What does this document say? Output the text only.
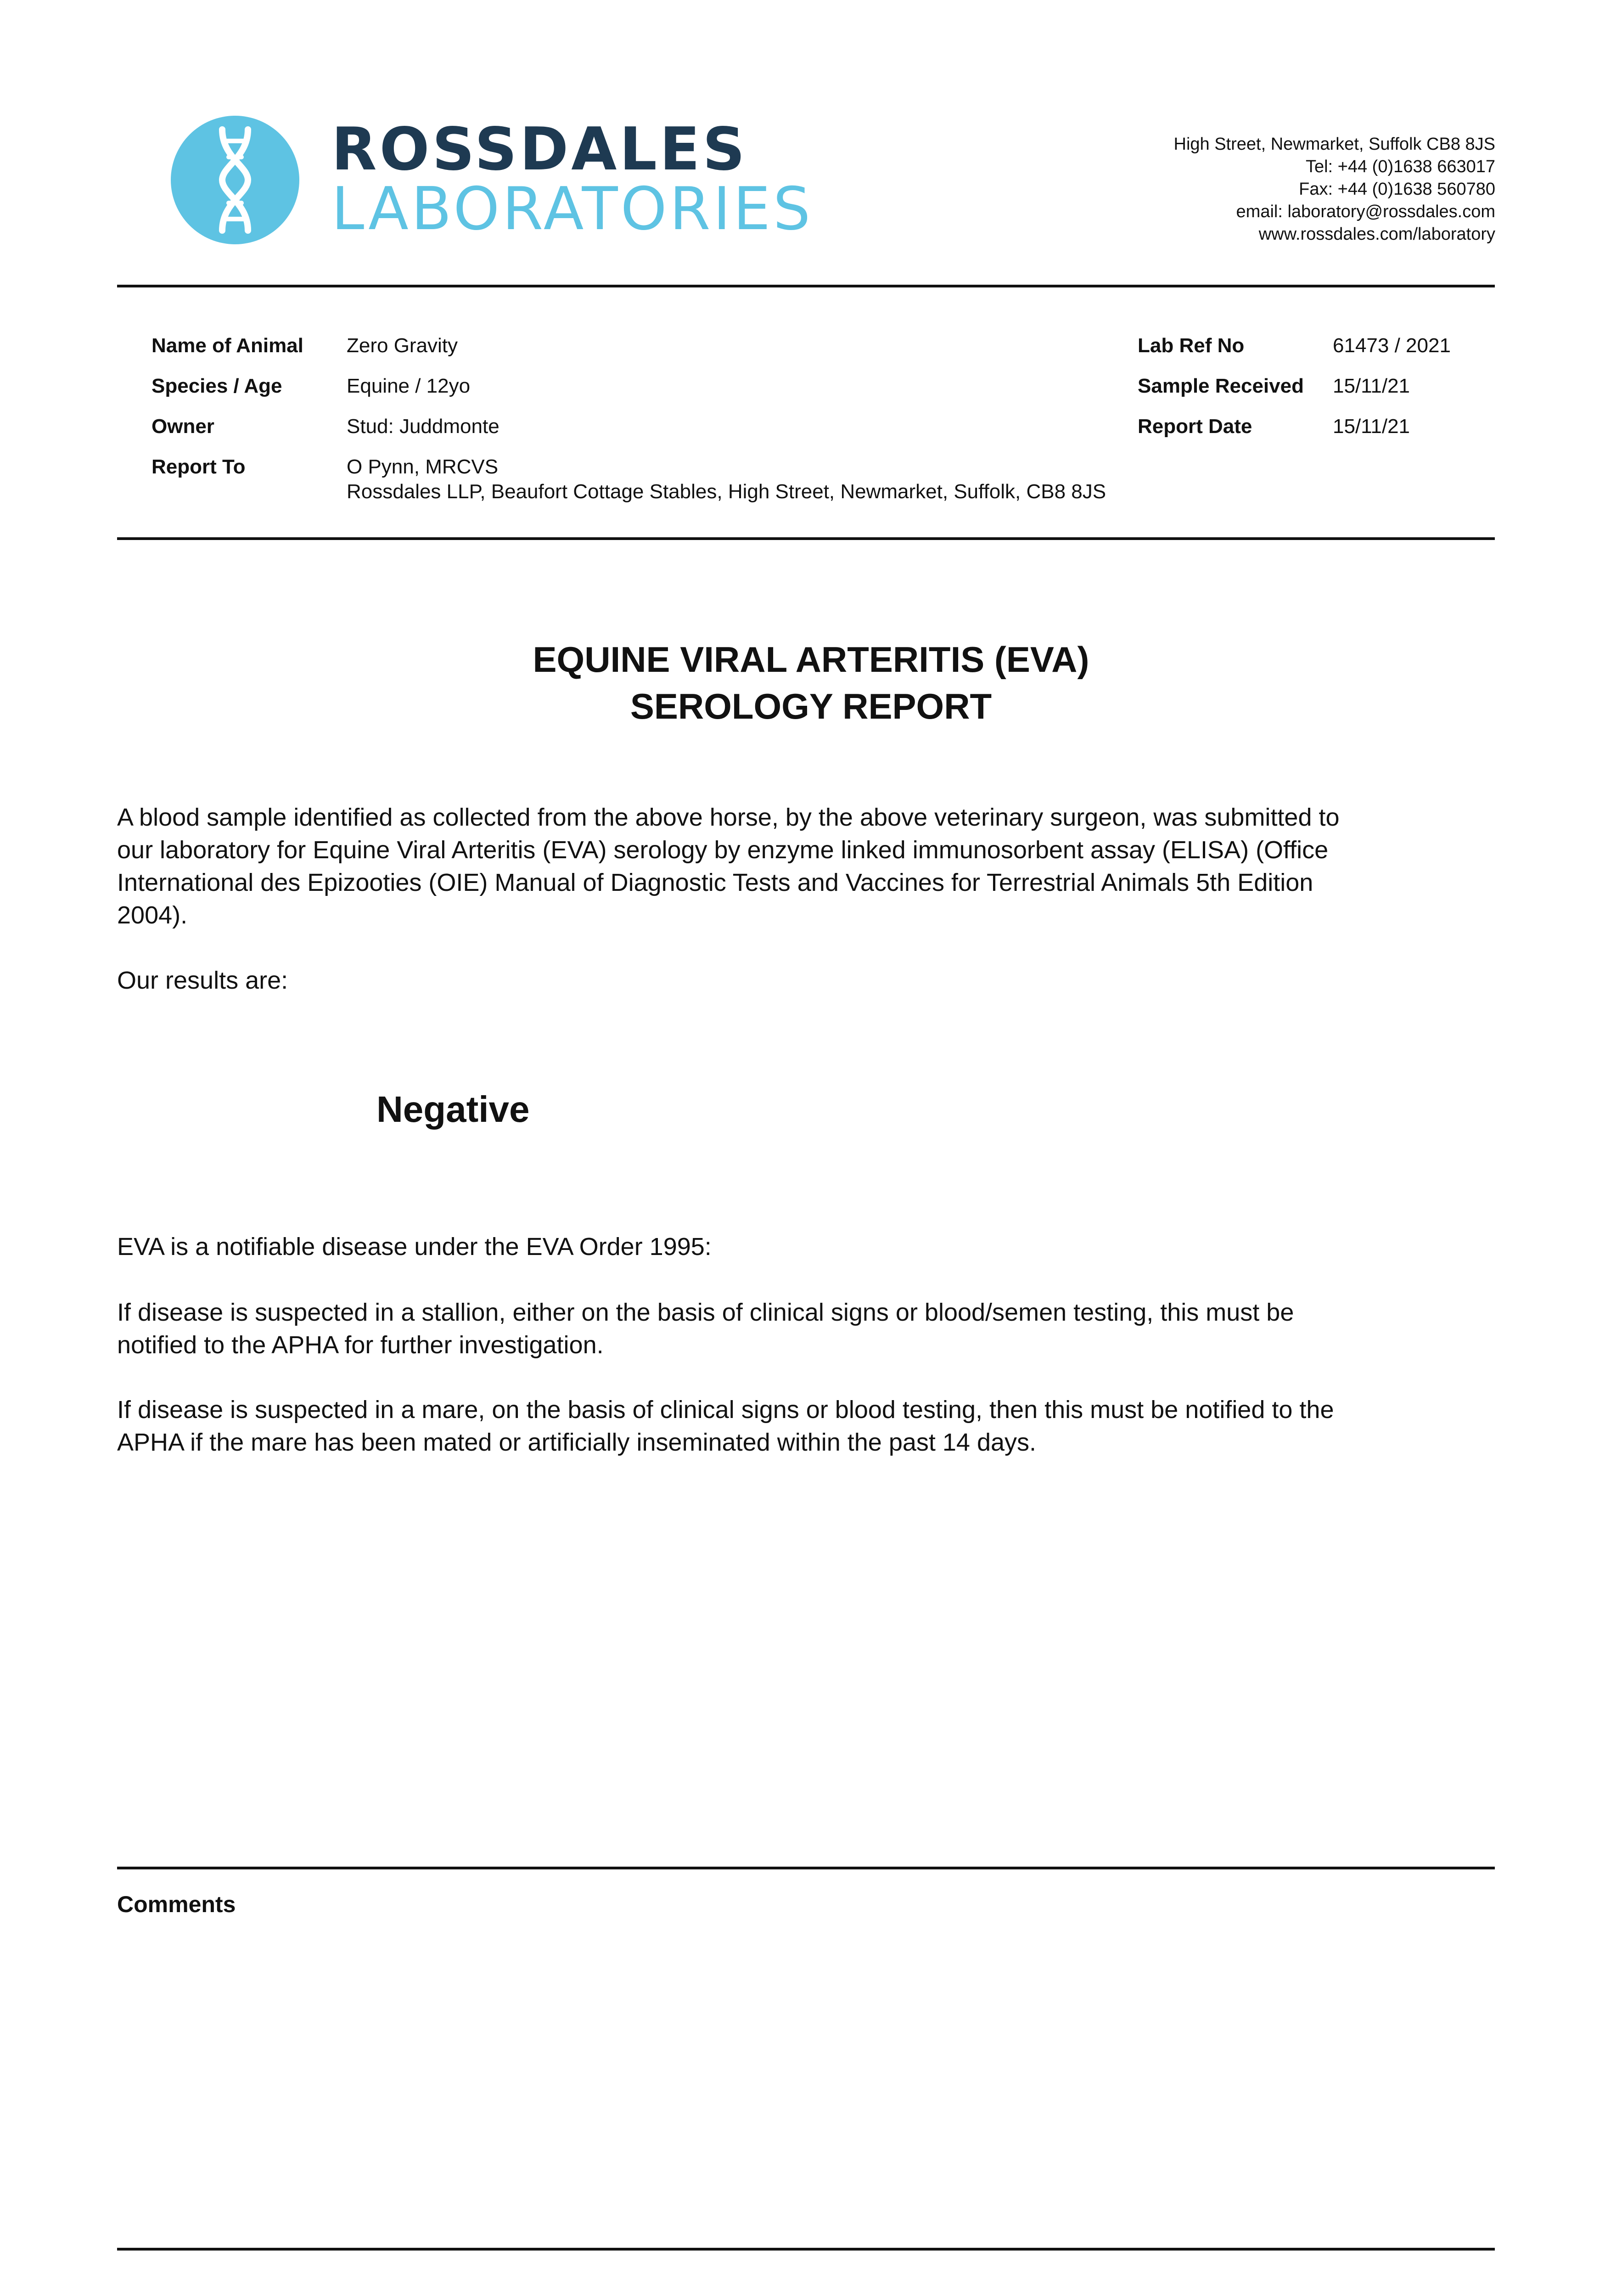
ROSSDALES
LABORATORIES
High Street, Newmarket, Suffolk CB8 8JS
Tel: +44 (0)1638 663017
Fax: +44 (0)1638 560780
email: laboratory@rossdales.com
www.rossdales.com/laboratory
Name of Animal Zero Gravity
Species / Age	Equine / 12yo
Owner	Stud: Juddmonte
Report To	O Pynn, MRCVS
Rossdales LLP, Beaufort Cottage Stables, High Street, Newmarket, Suffolk, CB8 8JS
Lab Ref No	61473 / 2021
Sample Received 15/11/21
Report Date	15/11/21
EQUINE VIRAL ARTERITIS (EVA)
SEROLOGY REPORT
A blood sample identified as collected from the above horse, by the above veterinary surgeon, was submitted to
our laboratory for Equine Viral Arteritis (EVA) serology by enzyme linked immunosorbent assay (ELISA) (Office
International des Epizooties (OIE) Manual of Diagnostic Tests and Vaccines for Terrestrial Animals 5th Edition
2004).
Our results are:
Negative
EVA is a notifiable disease under the EVA Order 1995:
If disease is suspected in a stallion, either on the basis of clinical signs or blood/semen testing, this must be
notified to the APHA for further investigation.
If disease is suspected in a mare, on the basis of clinical signs or blood testing, then this must be notified to the
APHA if the mare has been mated or artificially inseminated within the past 14 days.
Comments
